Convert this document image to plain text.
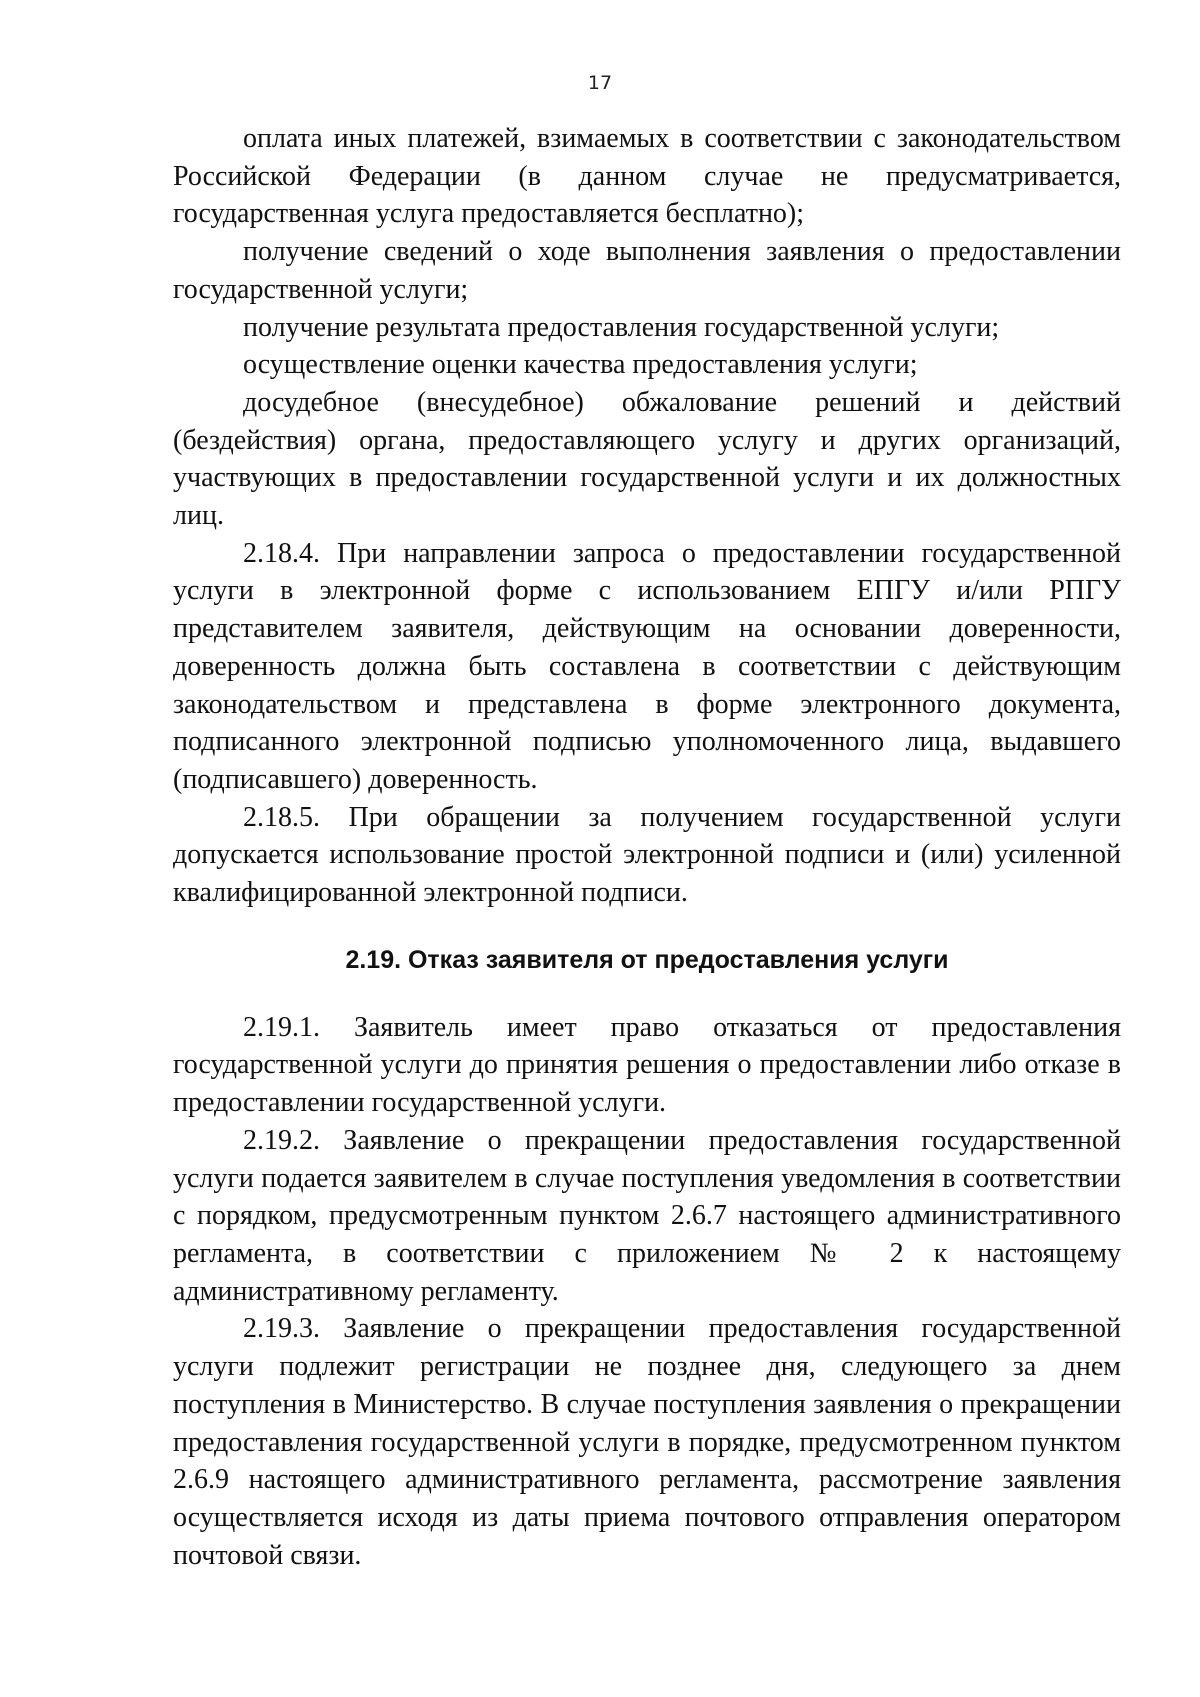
17

оплата иных платежей, взимаемых в соответствии с законодательством Российской Федерации (в данном случае не предусматривается, государственная услуга предоставляется бесплатно);

получение сведений о ходе выполнения заявления о предоставлении государственной услуги;

получение результата предоставления государственной услуги;

осуществление оценки качества предоставления услуги;

досудебное (внесудебное) обжалование решений и действий (бездействия) органа, предоставляющего услугу и других организаций, участвующих в предоставлении государственной услуги и их должностных лиц.

2.18.4. При направлении запроса о предоставлении государственной услуги в электронной форме с использованием ЕПГУ и/или РПГУ представителем заявителя, действующим на основании доверенности, доверенность должна быть составлена в соответствии с действующим законодательством и представлена в форме электронного документа, подписанного электронной подписью уполномоченного лица, выдавшего (подписавшего) доверенность.

2.18.5. При обращении за получением государственной услуги допускается использование простой электронной подписи и (или) усиленной квалифицированной электронной подписи.

2.19. Отказ заявителя от предоставления услуги

2.19.1. Заявитель имеет право отказаться от предоставления государственной услуги до принятия решения о предоставлении либо отказе в предоставлении государственной услуги.

2.19.2. Заявление о прекращении предоставления государственной услуги подается заявителем в случае поступления уведомления в соответствии с порядком, предусмотренным пунктом 2.6.7 настоящего административного регламента, в соответствии с приложением № 2 к настоящему административному регламенту.

2.19.3. Заявление о прекращении предоставления государственной услуги подлежит регистрации не позднее дня, следующего за днем поступления в Министерство. В случае поступления заявления о прекращении предоставления государственной услуги в порядке, предусмотренном пунктом 2.6.9 настоящего административного регламента, рассмотрение заявления осуществляется исходя из даты приема почтового отправления оператором почтовой связи.
